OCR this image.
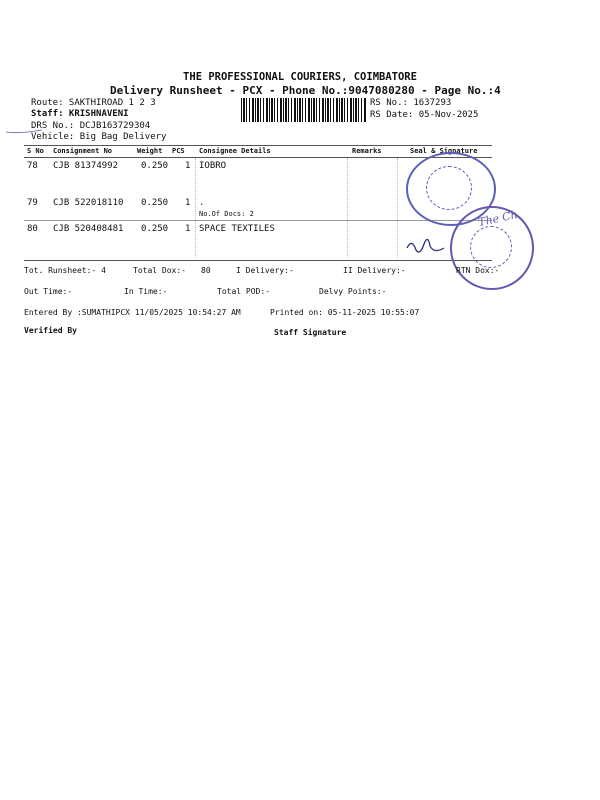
THE PROFESSIONAL COURIERS, COIMBATORE
Delivery Runsheet - PCX - Phone No.:9047080280 - Page No.:4
Route: SAKTHIROAD 1 2 3
Staff: KRISHNAVENI
DRS No.: DCJB163729304
Vehicle: Big Bag Delivery
RS No.: 1637293
RS Date: 05-Nov-2025
S No Consignment No	Weight PCS Consignee Details	Remarks	Seal & Signature
78 CJB 81374992	0.250 1 IOBRO
79 CJB 522018110 0.250 1 .
No.Of Docs: 2
80 CJB 520408481 0.250 1 SPACE TEXTILES	The Ch
Tot. Runsheet:- 4	Total Dox:- 80	I Delivery:-	II Delivery:-	RTN Dox:-
Out Time:-	In Time:-	Total POD:-	Delvy Points:-
Entered By :SUMATHIPCX 11/05/2025 10:54:27 AM	Printed on: 05-11-2025 10:55:07
Verified By	Staff Signature
